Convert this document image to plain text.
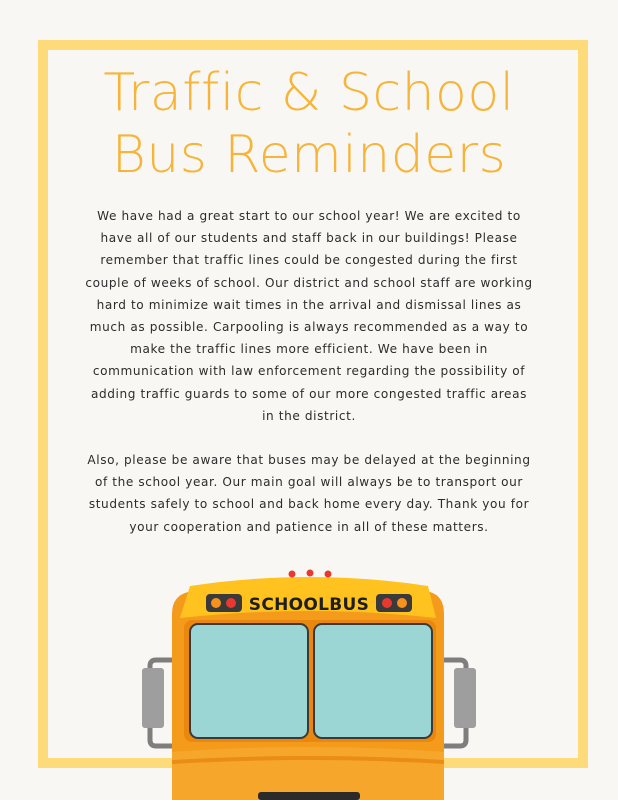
Traffic & School
Bus Reminders

We have had a great start to our school year! We are excited to have all of our students and staff back in our buildings! Please remember that traffic lines could be congested during the first couple of weeks of school. Our district and school staff are working hard to minimize wait times in the arrival and dismissal lines as much as possible. Carpooling is always recommended as a way to make the traffic lines more efficient. We have been in communication with law enforcement regarding the possibility of adding traffic guards to some of our more congested traffic areas in the district.

Also, please be aware that buses may be delayed at the beginning of the school year. Our main goal will always be to transport our students safely to school and back home every day. Thank you for your cooperation and patience in all of these matters.

SCHOOLBUS
